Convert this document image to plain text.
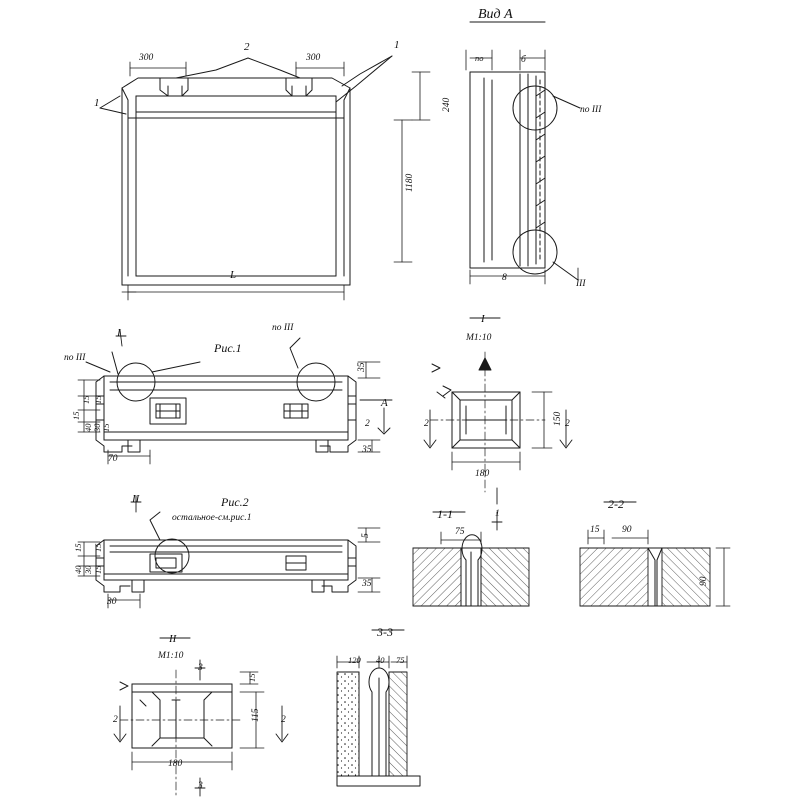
Вид А
2	1
1
300	300
L
по III
III
240
1180
8
б
по
I	по III
по III
Рис.1
35
A
15 15
15
40 30 15	2
70
35
II	Рис.2
остальное-см.рис.1
5
15 15
40 30 15
35
30
I
М1:10
150
2	2
180
II
М1:10
3
15
115
2	2
180
3
1-1	1
75
2-2
15 90
90
3-3
120 40 75
